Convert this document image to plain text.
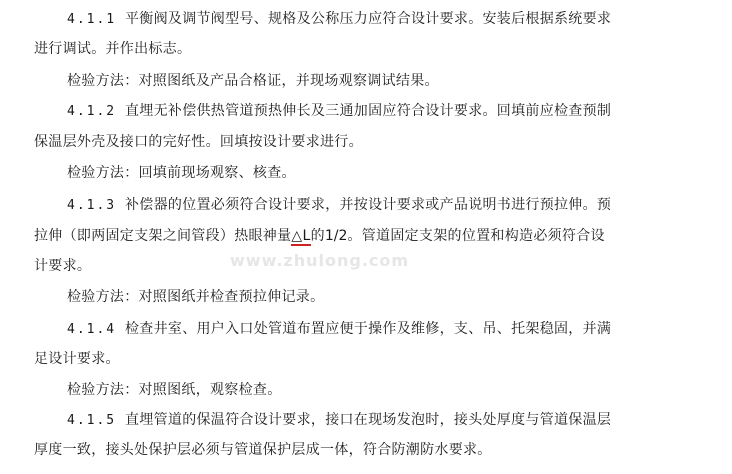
www.zhulong.com
4.1.1 平衡阀及调节阀型号、规格及公称压力应符合设计要求。安装后根据系统要求
进行调试。并作出标志。
检验方法：对照图纸及产品合格证，并现场观察调试结果。
4.1.2 直埋无补偿供热管道预热伸长及三通加固应符合设计要求。回填前应检查预制
保温层外壳及接口的完好性。回填按设计要求进行。
检验方法：回填前现场观察、核查。
4.1.3 补偿器的位置必须符合设计要求，并按设计要求或产品说明书进行预拉伸。预
拉伸（即两固定支架之间管段）热眼神量△L的1/2。管道固定支架的位置和构造必须符合设
计要求。
检验方法：对照图纸并检查预拉伸记录。
4.1.4 检查井室、用户入口处管道布置应便于操作及维修，支、吊、托架稳固，并满
足设计要求。
检验方法：对照图纸，观察检查。
4.1.5 直埋管道的保温符合设计要求，接口在现场发泡时，接头处厚度与管道保温层
厚度一致，接头处保护层必须与管道保护层成一体，符合防潮防水要求。
